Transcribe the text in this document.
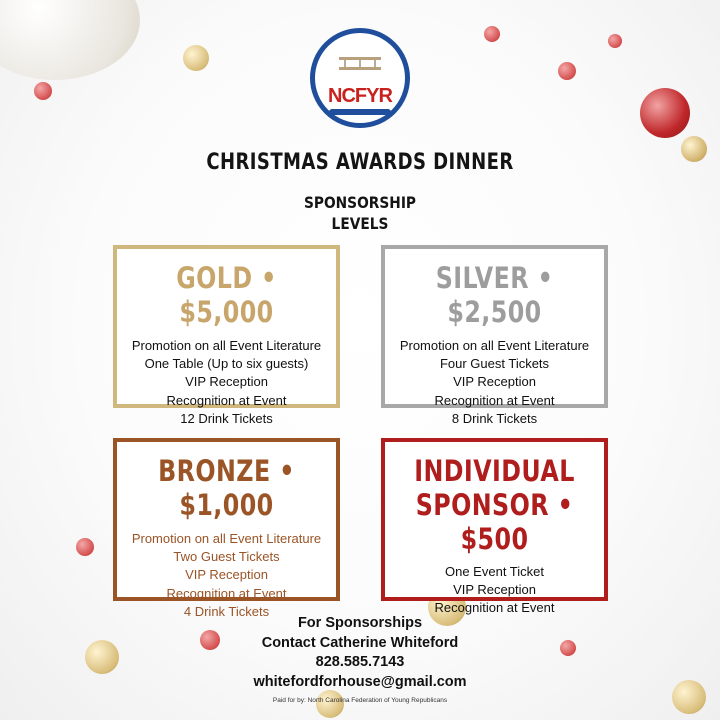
NCFYR
CHRISTMAS AWARDS DINNER
SPONSORSHIP
LEVELS
GOLD • $5,000
Promotion on all Event Literature
One Table (Up to six guests)
VIP Reception
Recognition at Event
12 Drink Tickets
SILVER • $2,500
Promotion on all Event Literature
Four Guest Tickets
VIP Reception
Recognition at Event
8 Drink Tickets
BRONZE • $1,000
Promotion on all Event Literature
Two Guest Tickets
VIP Reception
Recognition at Event
4 Drink Tickets
INDIVIDUAL
SPONSOR • $500
One Event Ticket
VIP Reception
Recognition at Event
For Sponsorships
Contact Catherine Whiteford
828.585.7143
whitefordforhouse@gmail.com
Paid for by: North Carolina Federation of Young Republicans
